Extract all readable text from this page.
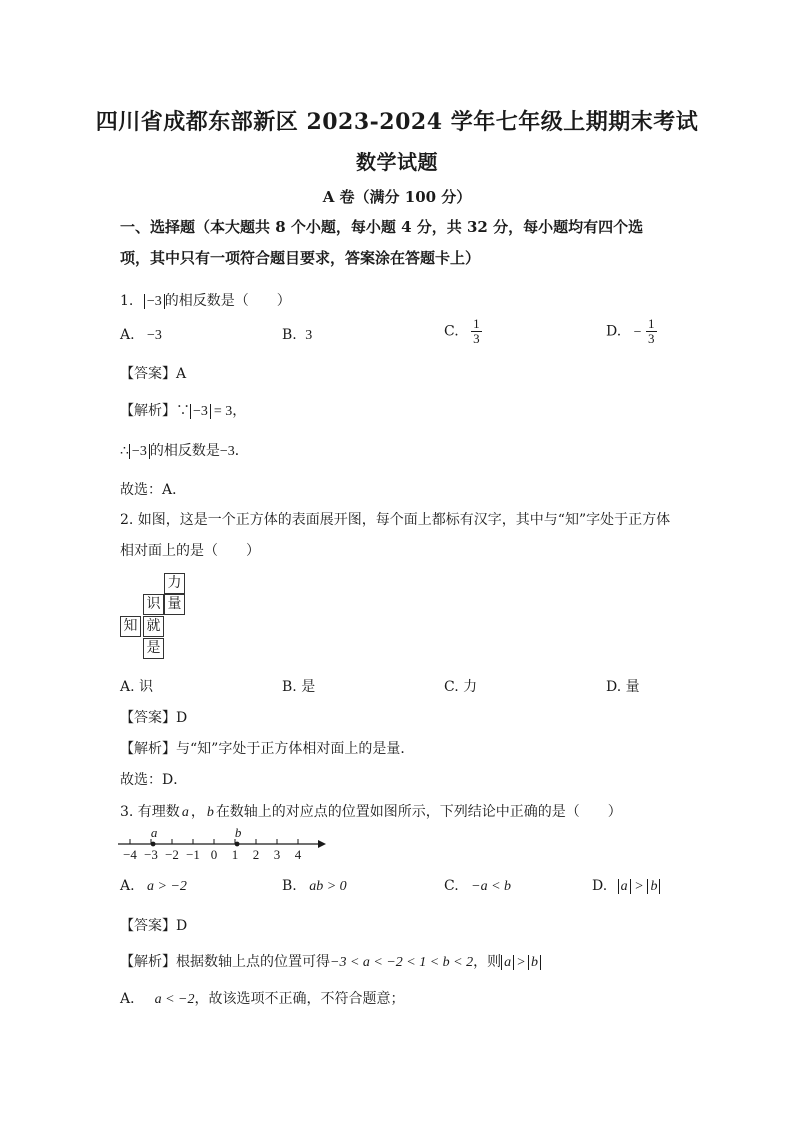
四川省成都东部新区 2023-2024 学年七年级上期期末考试
数学试题
A 卷（满分 100 分）
一、选择题（本大题共 8 个小题，每小题 4 分，共 32 分，每小题均有四个选
项，其中只有一项符合题目要求，答案涂在答题卡上）
1. −3 的相反数是（　　）
A. −3	B. 3	C. $\frac{1}{3}$	D. − $\frac{1}{3}$
【答案】A
【解析】∵ −3 = 3，
∴ −3 的相反数是−3．
故选：A．
2. 如图，这是一个正方体的表面展开图，每个面上都标有汉字，其中与“知”字处于正方体
相对面上的是（　　）
力
识 量
知 就
是
A. 识	B. 是	C. 力	D. 量
【答案】D
【解析】与“知”字处于正方体相对面上的是量．
故选：D．
3. 有理数 a ， b 在数轴上的对应点的位置如图所示，下列结论中正确的是（　　）
−4 −3 −2 −1 0 1 2 3 4
a	b
A. a > −2	B. ab > 0	C. −a < b	D. a > b
【答案】D
【解析】根据数轴上点的位置可得−3 < a < −2 < 1 < b < 2，则 a > b
A． a < −2，故该选项不正确，不符合题意；
